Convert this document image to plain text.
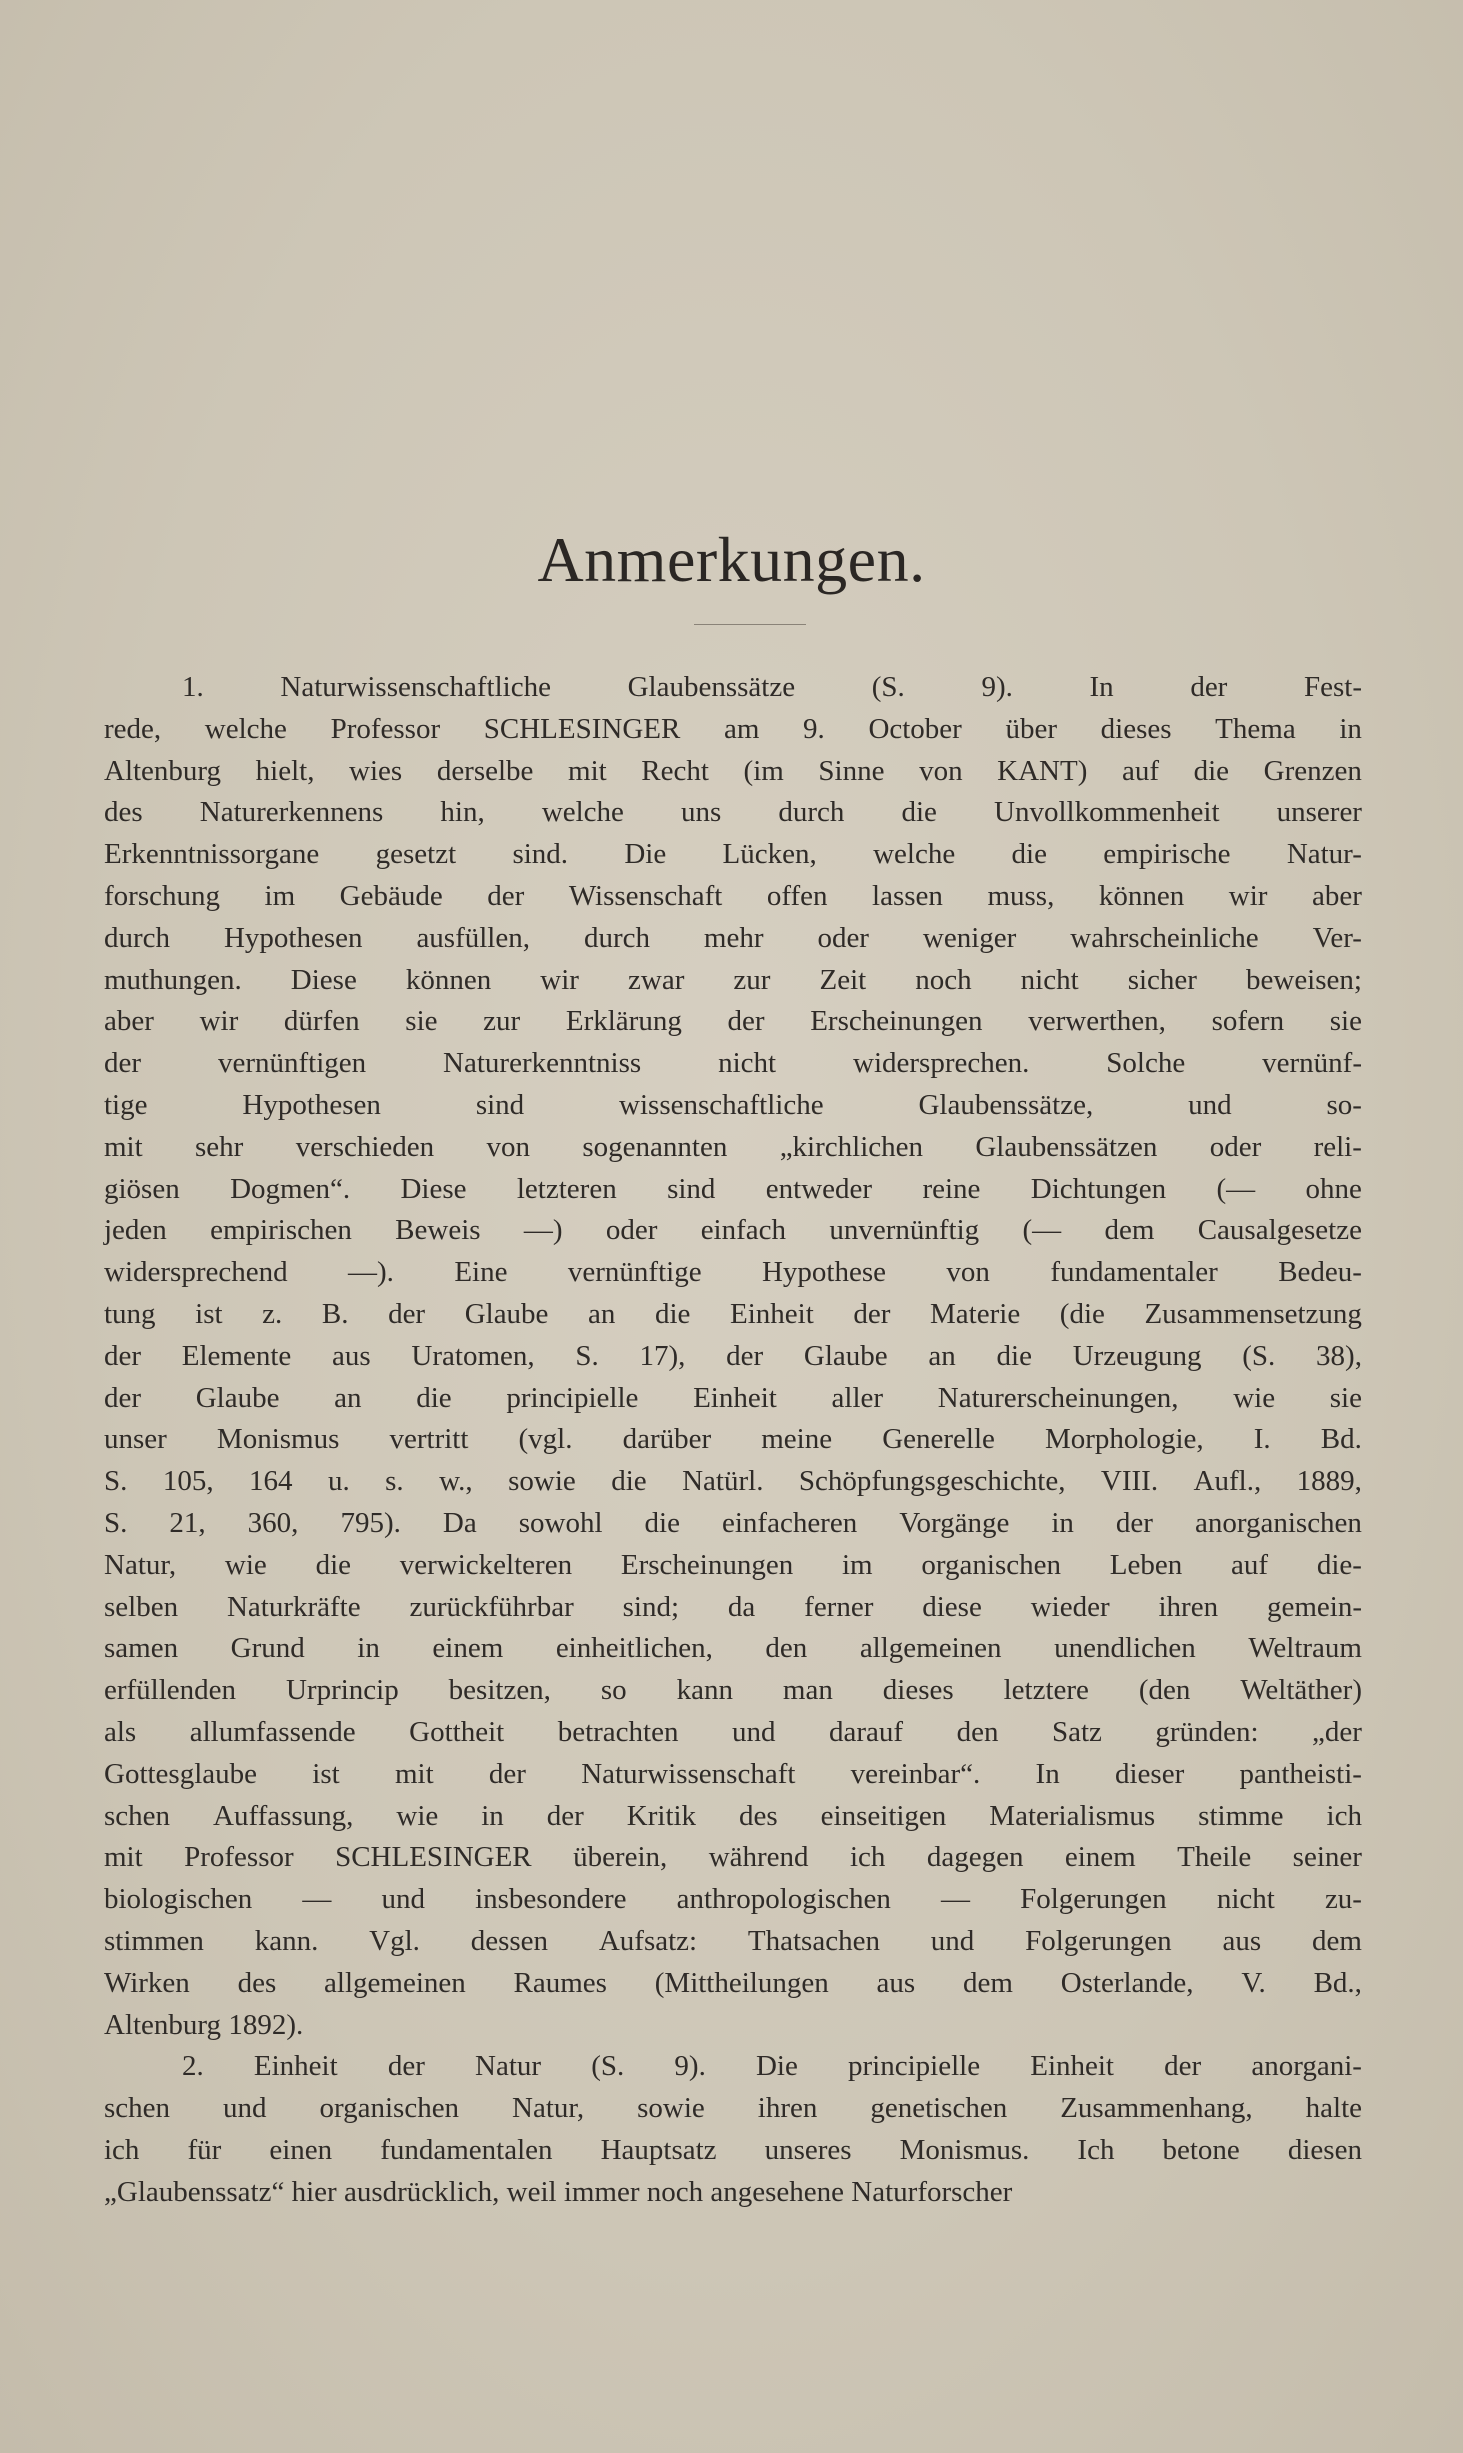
Anmerkungen.
1.	Naturwissenschaftliche	Glaubenssätze	(S.	9).	In	der	Fest-
rede, welche Professor SCHLESINGER am 9. October über dieses Thema in
Altenburg hielt, wies derselbe mit Recht (im Sinne von KANT) auf die Grenzen
des Naturerkennens hin, welche uns durch die Unvollkommenheit unserer
Erkenntnissorgane gesetzt sind. Die Lücken, welche die empirische Natur-
forschung im Gebäude der Wissenschaft offen lassen muss, können wir aber
durch Hypothesen ausfüllen, durch mehr oder weniger wahrscheinliche Ver-
muthungen. Diese können wir zwar zur Zeit noch nicht sicher beweisen;
aber wir dürfen sie zur Erklärung der Erscheinungen verwerthen, sofern sie
der	vernünftigen	Naturerkenntniss	nicht	widersprechen.	Solche	vernünf-
tige	Hypothesen	sind	wissenschaftliche	Glaubenssätze,	und	so-
mit sehr verschieden von sogenannten „kirchlichen Glaubenssätzen oder reli-
giösen Dogmen“. Diese letzteren sind entweder reine Dichtungen (— ohne
jeden empirischen Beweis —) oder einfach unvernünftig (— dem Causalgesetze
widersprechend —). Eine vernünftige Hypothese von fundamentaler Bedeu-
tung ist z. B. der Glaube an die Einheit der Materie (die Zusammensetzung
der Elemente aus Uratomen, S. 17), der Glaube an die Urzeugung (S. 38),
der Glaube an die principielle Einheit aller Naturerscheinungen, wie sie
unser Monismus vertritt (vgl. darüber meine Generelle Morphologie, I. Bd.
S. 105, 164 u. s. w., sowie die Natürl. Schöpfungsgeschichte, VIII. Aufl., 1889,
S. 21, 360, 795). Da sowohl die einfacheren Vorgänge in der anorganischen
Natur, wie die verwickelteren Erscheinungen im organischen Leben auf die-
selben Naturkräfte zurückführbar sind; da ferner diese wieder ihren gemein-
samen Grund in einem einheitlichen, den allgemeinen unendlichen Weltraum
erfüllenden Urprincip besitzen, so kann man dieses letztere (den Weltäther)
als allumfassende Gottheit betrachten und darauf den Satz gründen: „der
Gottesglaube ist mit der Naturwissenschaft vereinbar“. In dieser pantheisti-
schen Auffassung, wie in der Kritik des einseitigen Materialismus stimme ich
mit Professor SCHLESINGER überein, während ich dagegen einem Theile seiner
biologischen — und insbesondere anthropologischen — Folgerungen nicht zu-
stimmen kann. Vgl. dessen Aufsatz: Thatsachen und Folgerungen aus dem
Wirken des allgemeinen Raumes (Mittheilungen aus dem Osterlande, V. Bd.,
Altenburg 1892).
2. Einheit der Natur (S. 9). Die principielle Einheit der anorgani-
schen und organischen Natur, sowie ihren genetischen Zusammenhang, halte
ich für einen fundamentalen Hauptsatz unseres Monismus. Ich betone diesen
„Glaubenssatz“ hier ausdrücklich, weil immer noch angesehene Naturforscher
